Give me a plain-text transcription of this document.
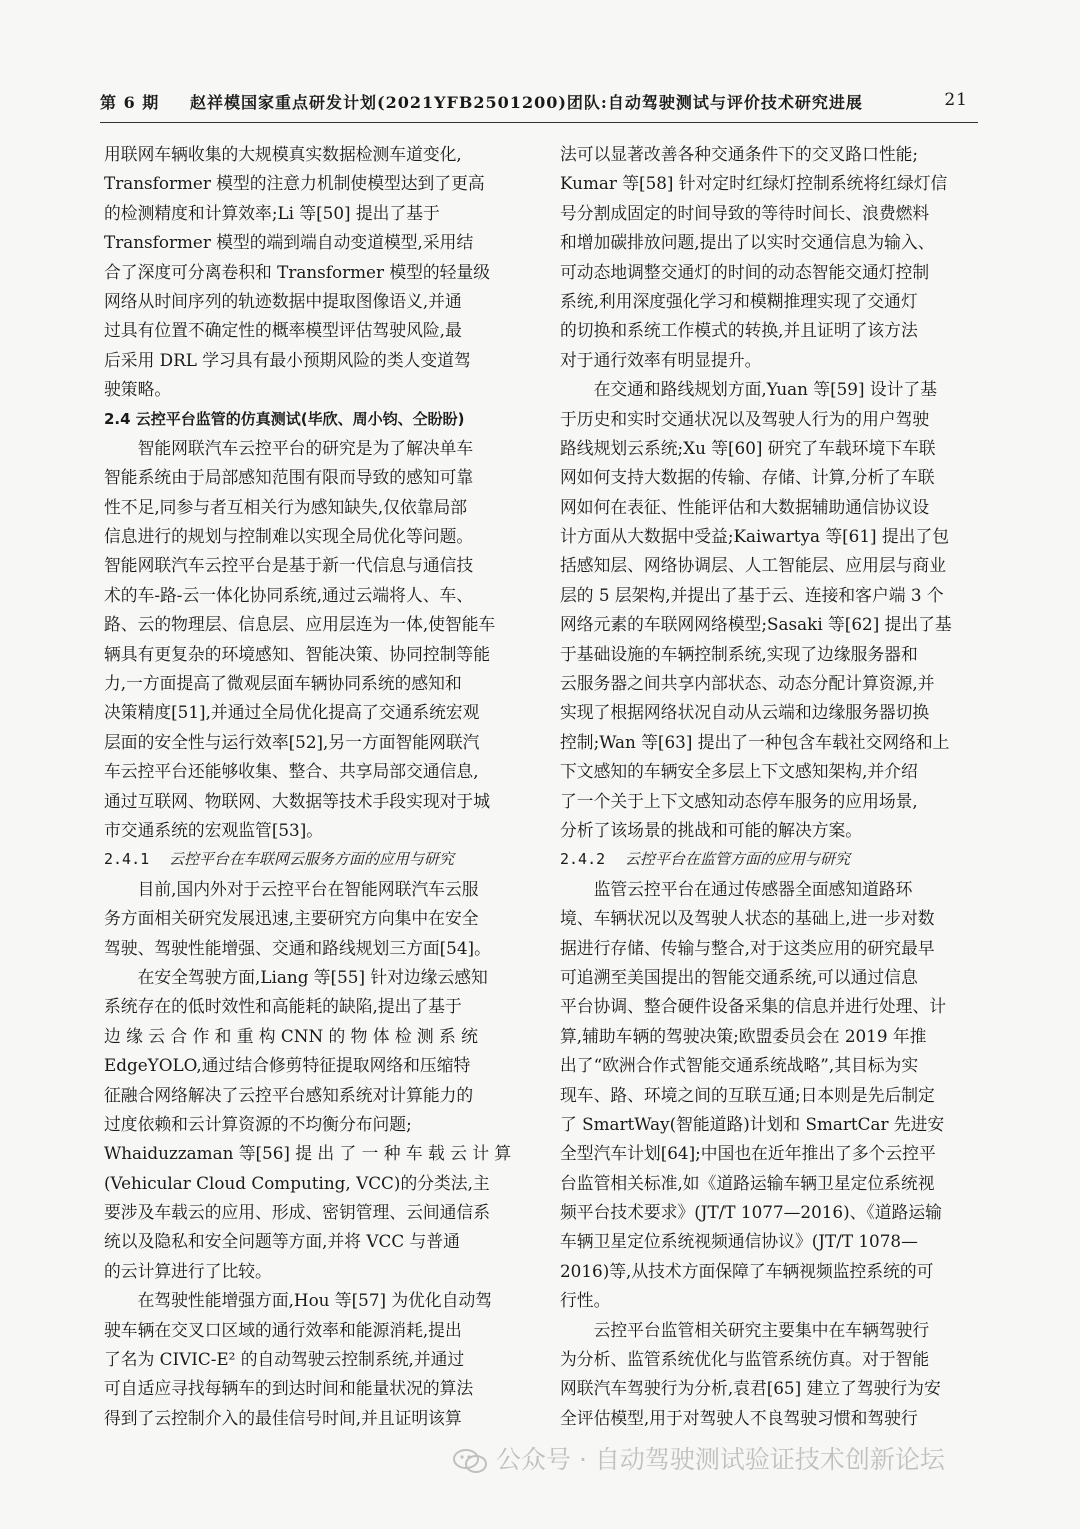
第 6 期 赵祥模国家重点研发计划(2021YFB2501200)团队:自动驾驶测试与评价技术研究进展	21
用联网车辆收集的大规模真实数据检测车道变化,
Transformer 模型的注意力机制使模型达到了更高
的检测精度和计算效率;Li 等[50] 提出了基于
Transformer 模型的端到端自动变道模型,采用结
合了深度可分离卷积和 Transformer 模型的轻量级
网络从时间序列的轨迹数据中提取图像语义,并通
过具有位置不确定性的概率模型评估驾驶风险,最
后采用 DRL 学习具有最小预期风险的类人变道驾
驶策略。
2.4 云控平台监管的仿真测试(毕欣、周小钧、仝盼盼)
　　智能网联汽车云控平台的研究是为了解决单车
智能系统由于局部感知范围有限而导致的感知可靠
性不足,同参与者互相关行为感知缺失,仅依靠局部
信息进行的规划与控制难以实现全局优化等问题。
智能网联汽车云控平台是基于新一代信息与通信技
术的车-路-云一体化协同系统,通过云端将人、车、
路、云的物理层、信息层、应用层连为一体,使智能车
辆具有更复杂的环境感知、智能决策、协同控制等能
力,一方面提高了微观层面车辆协同系统的感知和
决策精度[51],并通过全局优化提高了交通系统宏观
层面的安全性与运行效率[52],另一方面智能网联汽
车云控平台还能够收集、整合、共享局部交通信息,
通过互联网、物联网、大数据等技术手段实现对于城
市交通系统的宏观监管[53]。
2.4.1　 云控平台在车联网云服务方面的应用与研究
　　目前,国内外对于云控平台在智能网联汽车云服
务方面相关研究发展迅速,主要研究方向集中在安全
驾驶、驾驶性能增强、交通和路线规划三方面[54]。
　　在安全驾驶方面,Liang 等[55] 针对边缘云感知
系统存在的低时效性和高能耗的缺陷,提出了基于
边 缘 云 合 作 和 重 构 CNN 的 物 体 检 测 系 统
EdgeYOLO,通过结合修剪特征提取网络和压缩特
征融合网络解决了云控平台感知系统对计算能力的
过度依赖和云计算资源的不均衡分布问题;
Whaiduzzaman 等[56] 提 出 了 一 种 车 载 云 计 算
(Vehicular Cloud Computing, VCC)的分类法,主
要涉及车载云的应用、形成、密钥管理、云间通信系
统以及隐私和安全问题等方面,并将 VCC 与普通
的云计算进行了比较。
　　在驾驶性能增强方面,Hou 等[57] 为优化自动驾
驶车辆在交叉口区域的通行效率和能源消耗,提出
了名为 CIVIC-E² 的自动驾驶云控制系统,并通过
可自适应寻找每辆车的到达时间和能量状况的算法
得到了云控制介入的最佳信号时间,并且证明该算
法可以显著改善各种交通条件下的交叉路口性能;
Kumar 等[58] 针对定时红绿灯控制系统将红绿灯信
号分割成固定的时间导致的等待时间长、浪费燃料
和增加碳排放问题,提出了以实时交通信息为输入、
可动态地调整交通灯的时间的动态智能交通灯控制
系统,利用深度强化学习和模糊推理实现了交通灯
的切换和系统工作模式的转换,并且证明了该方法
对于通行效率有明显提升。
　　在交通和路线规划方面,Yuan 等[59] 设计了基
于历史和实时交通状况以及驾驶人行为的用户驾驶
路线规划云系统;Xu 等[60] 研究了车载环境下车联
网如何支持大数据的传输、存储、计算,分析了车联
网如何在表征、性能评估和大数据辅助通信协议设
计方面从大数据中受益;Kaiwartya 等[61] 提出了包
括感知层、网络协调层、人工智能层、应用层与商业
层的 5 层架构,并提出了基于云、连接和客户端 3 个
网络元素的车联网网络模型;Sasaki 等[62] 提出了基
于基础设施的车辆控制系统,实现了边缘服务器和
云服务器之间共享内部状态、动态分配计算资源,并
实现了根据网络状况自动从云端和边缘服务器切换
控制;Wan 等[63] 提出了一种包含车载社交网络和上
下文感知的车辆安全多层上下文感知架构,并介绍
了一个关于上下文感知动态停车服务的应用场景,
分析了该场景的挑战和可能的解决方案。
2.4.2　 云控平台在监管方面的应用与研究
　　监管云控平台在通过传感器全面感知道路环
境、车辆状况以及驾驶人状态的基础上,进一步对数
据进行存储、传输与整合,对于这类应用的研究最早
可追溯至美国提出的智能交通系统,可以通过信息
平台协调、整合硬件设备采集的信息并进行处理、计
算,辅助车辆的驾驶决策;欧盟委员会在 2019 年推
出了“欧洲合作式智能交通系统战略”,其目标为实
现车、路、环境之间的互联互通;日本则是先后制定
了 SmartWay(智能道路)计划和 SmartCar 先进安
全型汽车计划[64];中国也在近年推出了多个云控平
台监管相关标准,如《道路运输车辆卫星定位系统视
频平台技术要求》(JT/T 1077—2016)、《道路运输
车辆卫星定位系统视频通信协议》(JT/T 1078—
2016)等,从技术方面保障了车辆视频监控系统的可
行性。
　　云控平台监管相关研究主要集中在车辆驾驶行
为分析、监管系统优化与监管系统仿真。对于智能
网联汽车驾驶行为分析,袁君[65] 建立了驾驶行为安
全评估模型,用于对驾驶人不良驾驶习惯和驾驶行
公众号 · 自动驾驶测试验证技术创新论坛
